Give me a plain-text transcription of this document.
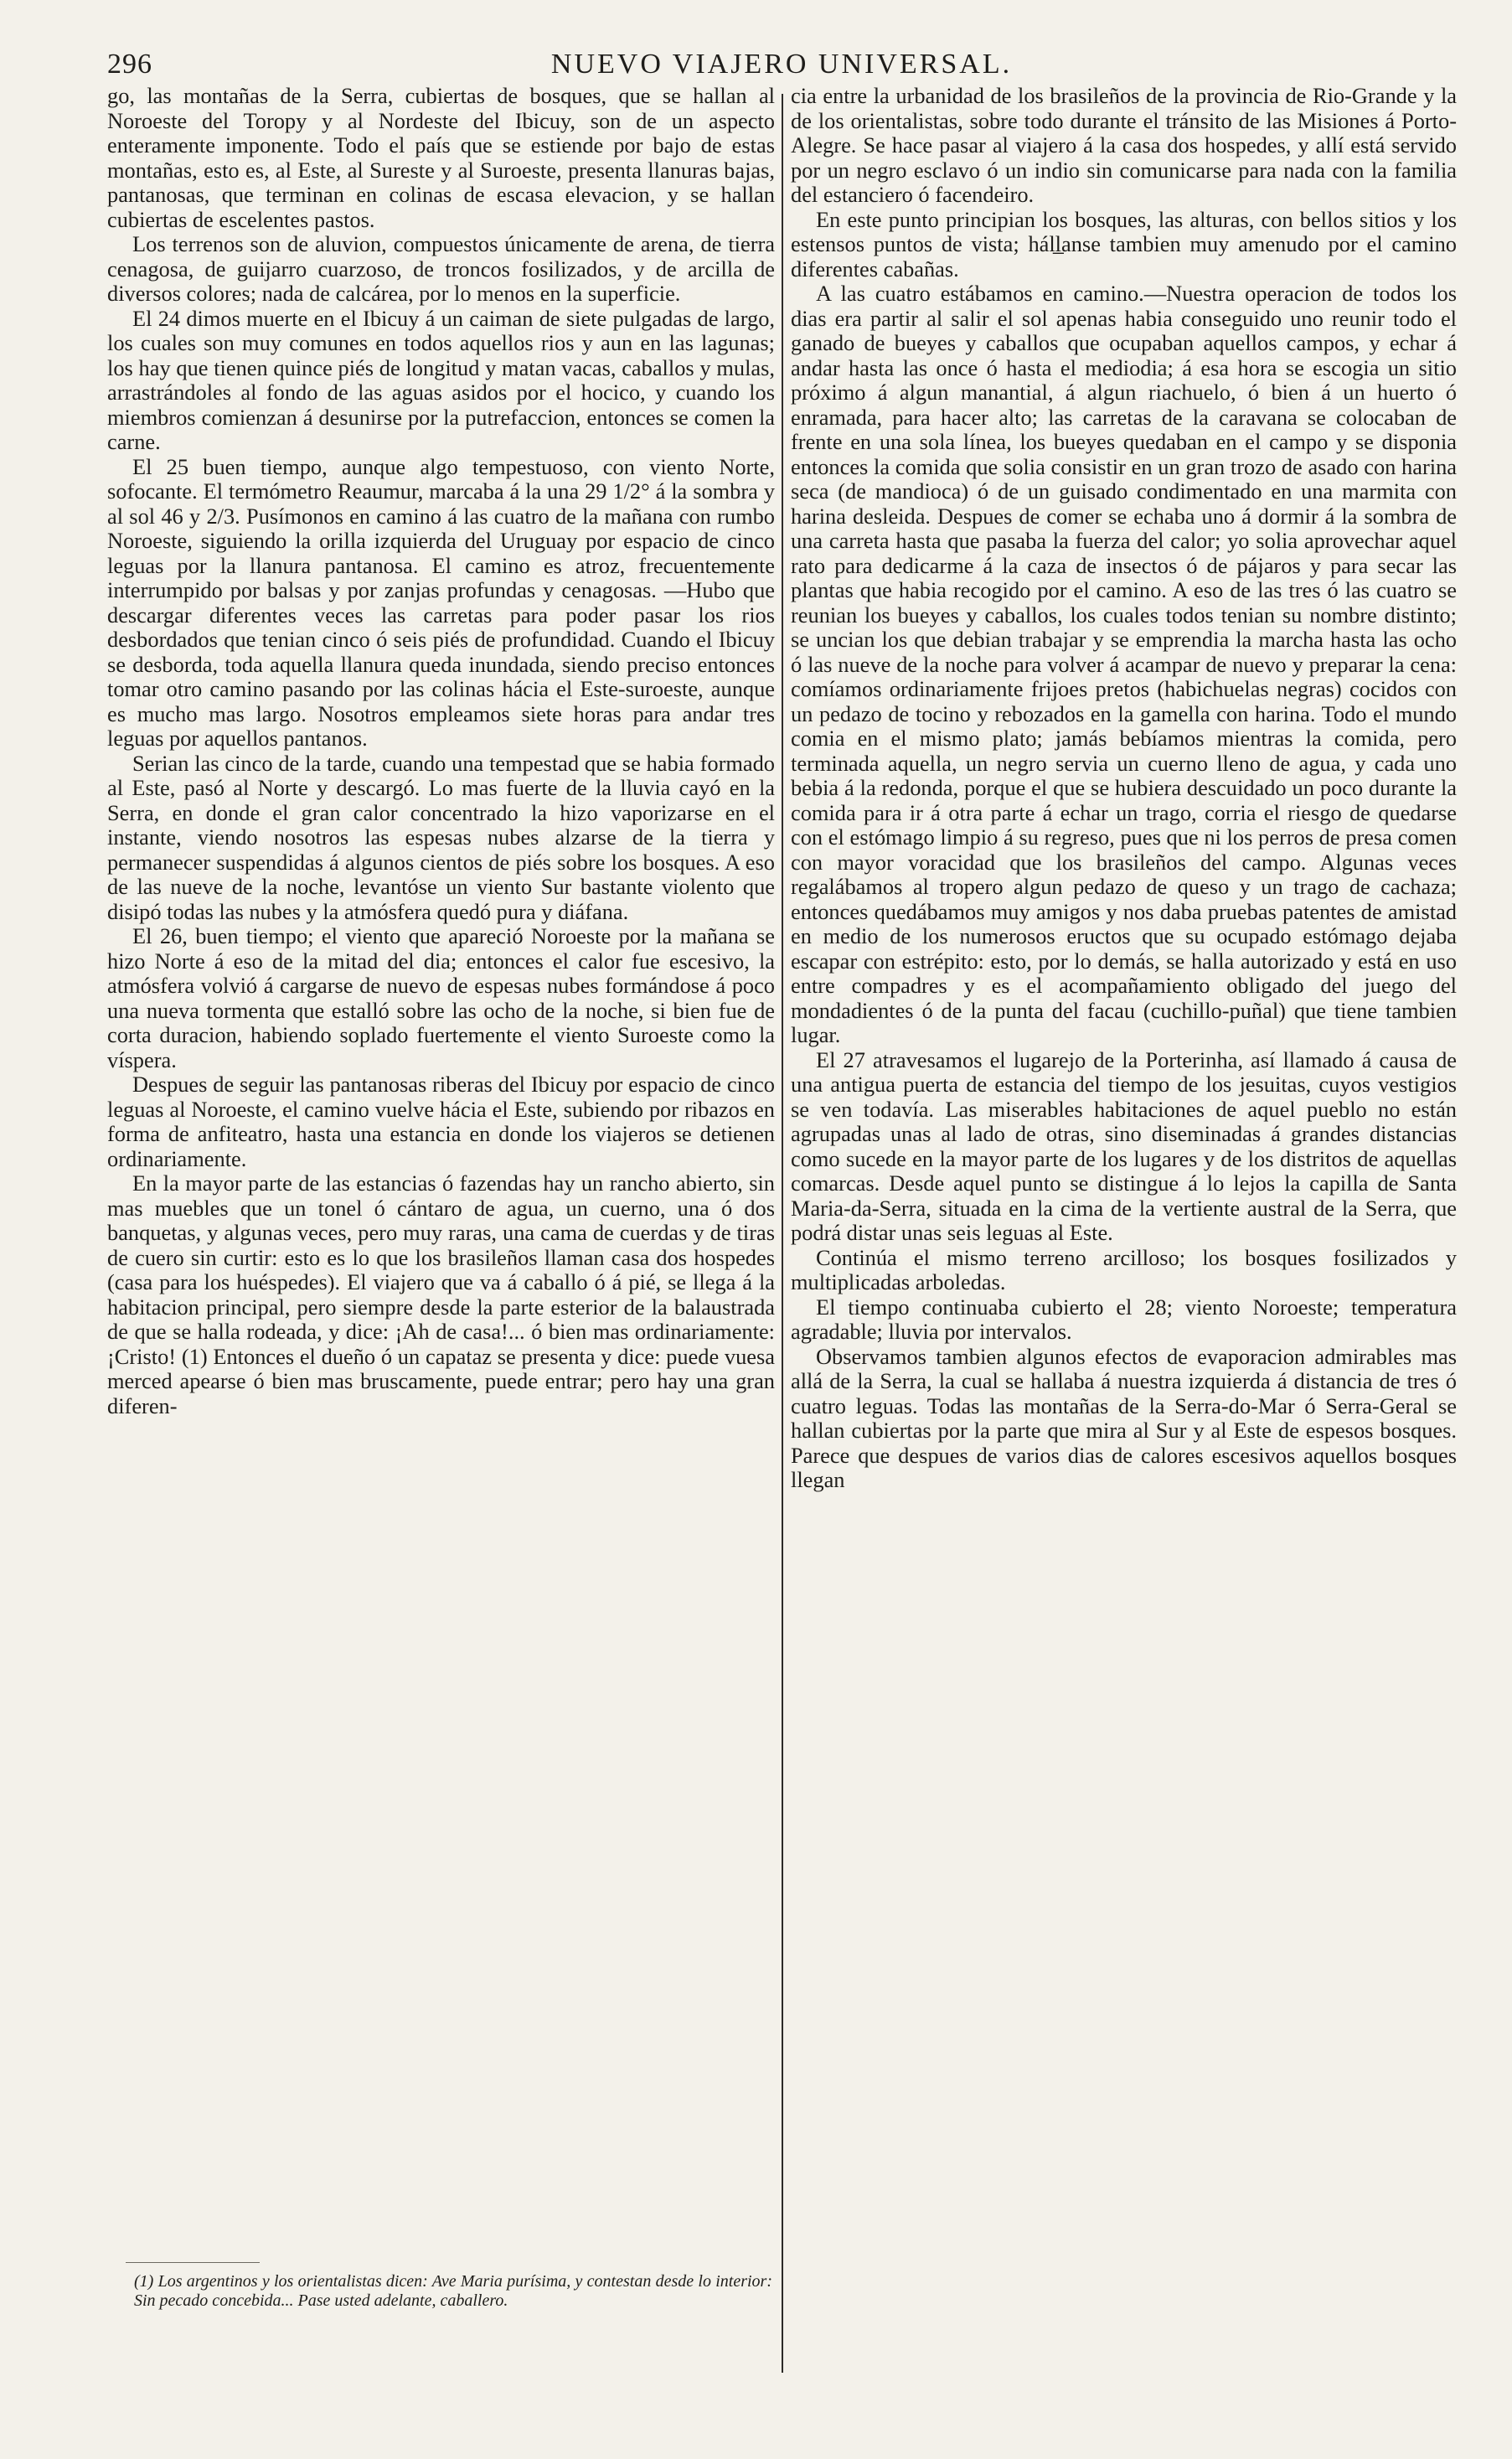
296	NUEVO VIAJERO UNIVERSAL.

go, las montañas de la Serra, cubiertas de bosques, que se hallan al Noroeste del Toropy y al Nordeste del Ibicuy, son de un aspecto enteramente imponente. Todo el país que se estiende por bajo de estas montañas, esto es, al Este, al Sureste y al Suroeste, presenta llanuras bajas, pantanosas, que terminan en colinas de escasa elevacion, y se hallan cubiertas de escelentes pastos.

Los terrenos son de aluvion, compuestos únicamente de arena, de tierra cenagosa, de guijarro cuarzoso, de troncos fosilizados, y de arcilla de diversos colores; nada de calcárea, por lo menos en la superficie.

El 24 dimos muerte en el Ibicuy á un caiman de siete pulgadas de largo, los cuales son muy comunes en todos aquellos rios y aun en las lagunas; los hay que tienen quince piés de longitud y matan vacas, caballos y mulas, arrastrándoles al fondo de las aguas asidos por el hocico, y cuando los miembros comienzan á desunirse por la putrefaccion, entonces se comen la carne.

El 25 buen tiempo, aunque algo tempestuoso, con viento Norte, sofocante. El termómetro Reaumur, marcaba á la una 29 1/2° á la sombra y al sol 46 y 2/3. Pusímonos en camino á las cuatro de la mañana con rumbo Noroeste, siguiendo la orilla izquierda del Uruguay por espacio de cinco leguas por la llanura pantanosa. El camino es atroz, frecuentemente interrumpido por balsas y por zanjas profundas y cenagosas. —Hubo que descargar diferentes veces las carretas para poder pasar los rios desbordados que tenian cinco ó seis piés de profundidad. Cuando el Ibicuy se desborda, toda aquella llanura queda inundada, siendo preciso entonces tomar otro camino pasando por las colinas hácia el Este-suroeste, aunque es mucho mas largo. Nosotros empleamos siete horas para andar tres leguas por aquellos pantanos.

Serian las cinco de la tarde, cuando una tempestad que se habia formado al Este, pasó al Norte y descargó. Lo mas fuerte de la lluvia cayó en la Serra, en donde el gran calor concentrado la hizo vaporizarse en el instante, viendo nosotros las espesas nubes alzarse de la tierra y permanecer suspendidas á algunos cientos de piés sobre los bosques. A eso de las nueve de la noche, levantóse un viento Sur bastante violento que disipó todas las nubes y la atmósfera quedó pura y diáfana.

El 26, buen tiempo; el viento que apareció Noroeste por la mañana se hizo Norte á eso de la mitad del dia; entonces el calor fue escesivo, la atmósfera volvió á cargarse de nuevo de espesas nubes formándose á poco una nueva tormenta que estalló sobre las ocho de la noche, si bien fue de corta duracion, habiendo soplado fuertemente el viento Suroeste como la víspera.

Despues de seguir las pantanosas riberas del Ibicuy por espacio de cinco leguas al Noroeste, el camino vuelve hácia el Este, subiendo por ribazos en forma de anfiteatro, hasta una estancia en donde los viajeros se detienen ordinariamente.

En la mayor parte de las estancias ó fazendas hay un rancho abierto, sin mas muebles que un tonel ó cántaro de agua, un cuerno, una ó dos banquetas, y algunas veces, pero muy raras, una cama de cuerdas y de tiras de cuero sin curtir: esto es lo que los brasileños llaman casa dos hospedes (casa para los huéspedes). El viajero que va á caballo ó á pié, se llega á la habitacion principal, pero siempre desde la parte esterior de la balaustrada de que se halla rodeada, y dice: ¡Ah de casa!... ó bien mas ordinariamente: ¡Cristo! (1) Entonces el dueño ó un capataz se presenta y dice: puede vuesa merced apearse ó bien mas bruscamente, puede entrar; pero hay una gran diferen-

cia entre la urbanidad de los brasileños de la provincia de Rio-Grande y la de los orientalistas, sobre todo durante el tránsito de las Misiones á Porto-Alegre. Se hace pasar al viajero á la casa dos hospedes, y allí está servido por un negro esclavo ó un indio sin comunicarse para nada con la familia del estanciero ó facendeiro.

En este punto principian los bosques, las alturas, con bellos sitios y los estensos puntos de vista; háll̲anse tambien muy amenudo por el camino diferentes cabañas.

A las cuatro estábamos en camino.—Nuestra operacion de todos los dias era partir al salir el sol apenas habia conseguido uno reunir todo el ganado de bueyes y caballos que ocupaban aquellos campos, y echar á andar hasta las once ó hasta el mediodia; á esa hora se escogia un sitio próximo á algun manantial, á algun riachuelo, ó bien á un huerto ó enramada, para hacer alto; las carretas de la caravana se colocaban de frente en una sola línea, los bueyes quedaban en el campo y se disponia entonces la comida que solia consistir en un gran trozo de asado con harina seca (de mandioca) ó de un guisado condimentado en una marmita con harina desleida. Despues de comer se echaba uno á dormir á la sombra de una carreta hasta que pasaba la fuerza del calor; yo solia aprovechar aquel rato para dedicarme á la caza de insectos ó de pájaros y para secar las plantas que habia recogido por el camino. A eso de las tres ó las cuatro se reunian los bueyes y caballos, los cuales todos tenian su nombre distinto; se uncian los que debian trabajar y se emprendia la marcha hasta las ocho ó las nueve de la noche para volver á acampar de nuevo y preparar la cena: comíamos ordinariamente frijoes pretos (habichuelas negras) cocidos con un pedazo de tocino y rebozados en la gamella con harina. Todo el mundo comia en el mismo plato; jamás bebíamos mientras la comida, pero terminada aquella, un negro servia un cuerno lleno de agua, y cada uno bebia á la redonda, porque el que se hubiera descuidado un poco durante la comida para ir á otra parte á echar un trago, corria el riesgo de quedarse con el estómago limpio á su regreso, pues que ni los perros de presa comen con mayor voracidad que los brasileños del campo. Algunas veces regalábamos al tropero algun pedazo de queso y un trago de cachaza; entonces quedábamos muy amigos y nos daba pruebas patentes de amistad en medio de los numerosos eructos que su ocupado estómago dejaba escapar con estrépito: esto, por lo demás, se halla autorizado y está en uso entre compadres y es el acompañamiento obligado del juego del mondadientes ó de la punta del facau (cuchillo-puñal) que tiene tambien lugar.

El 27 atravesamos el lugarejo de la Porterinha, así llamado á causa de una antigua puerta de estancia del tiempo de los jesuitas, cuyos vestigios se ven todavía. Las miserables habitaciones de aquel pueblo no están agrupadas unas al lado de otras, sino diseminadas á grandes distancias como sucede en la mayor parte de los lugares y de los distritos de aquellas comarcas. Desde aquel punto se distingue á lo lejos la capilla de Santa Maria-da-Serra, situada en la cima de la vertiente austral de la Serra, que podrá distar unas seis leguas al Este.

Continúa el mismo terreno arcilloso; los bosques fosilizados y multiplicadas arboledas.

El tiempo continuaba cubierto el 28; viento Noroeste; temperatura agradable; lluvia por intervalos.

Observamos tambien algunos efectos de evaporacion admirables mas allá de la Serra, la cual se hallaba á nuestra izquierda á distancia de tres ó cuatro leguas. Todas las montañas de la Serra-do-Mar ó Serra-Geral se hallan cubiertas por la parte que mira al Sur y al Este de espesos bosques. Parece que despues de varios dias de calores escesivos aquellos bosques llegan

(1) Los argentinos y los orientalistas dicen: Ave Maria purísima, y contestan desde lo interior: Sin pecado concebida... Pase usted adelante, caballero.
